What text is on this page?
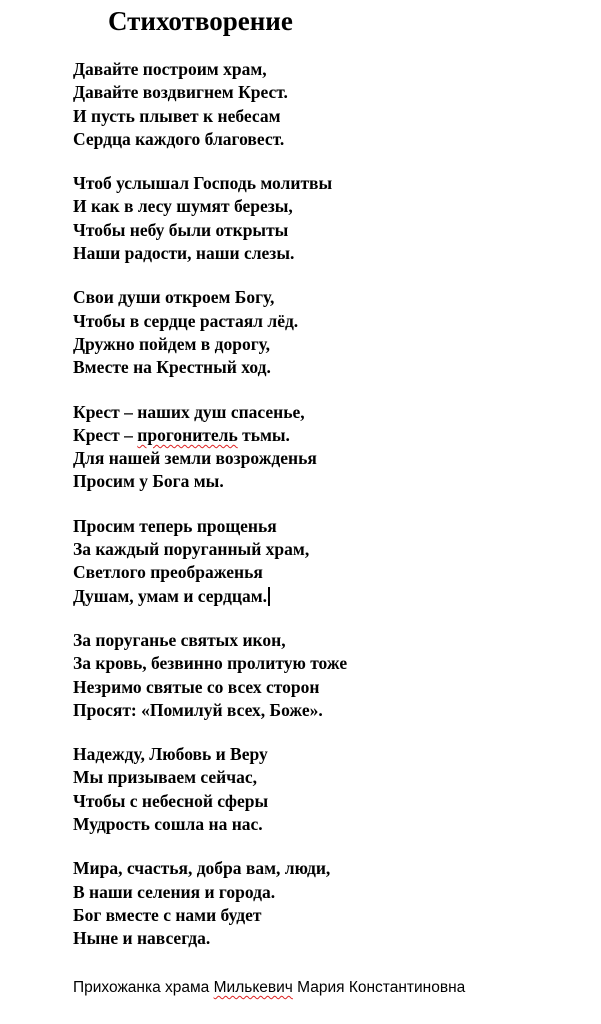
Стихотворение
Давайте построим храм,
Давайте воздвигнем Крест.
И пусть плывет к небесам
Сердца каждого благовест.
Чтоб услышал Господь молитвы
И как в лесу шумят березы,
Чтобы небу были открыты
Наши радости, наши слезы.
Свои души откроем Богу,
Чтобы в сердце растаял лёд.
Дружно пойдем в дорогу,
Вместе на Крестный ход.
Крест – наших душ спасенье,
Крест – прогонитель тьмы.
Для нашей земли возрожденья
Просим у Бога мы.
Просим теперь прощенья
За каждый поруганный храм,
Светлого преображенья
Душам, умам и сердцам.
За поруганье святых икон,
За кровь, безвинно пролитую тоже
Незримо святые со всех сторон
Просят: «Помилуй всех, Боже».
Надежду, Любовь и Веру
Мы призываем сейчас,
Чтобы с небесной сферы
Мудрость сошла на нас.
Мира, счастья, добра вам, люди,
В наши селения и города.
Бог вместе с нами будет
Ныне и навсегда.
Прихожанка храма Милькевич Мария Константиновна
